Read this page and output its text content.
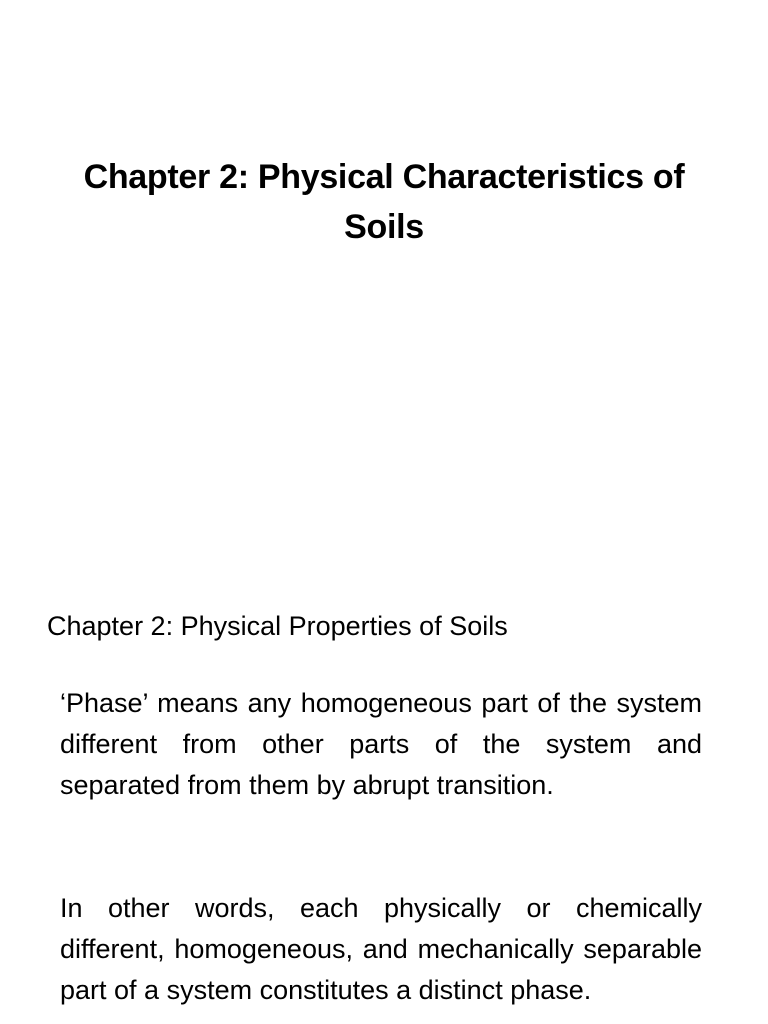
Chapter 2: Physical Characteristics of Soils
Chapter 2: Physical Properties of Soils

‘Phase’ means any homogeneous part of the system different from other parts of the system and separated from them by abrupt transition.

In other words, each physically or chemically different, homogeneous, and mechanically separable part of a system constitutes a distinct phase.
